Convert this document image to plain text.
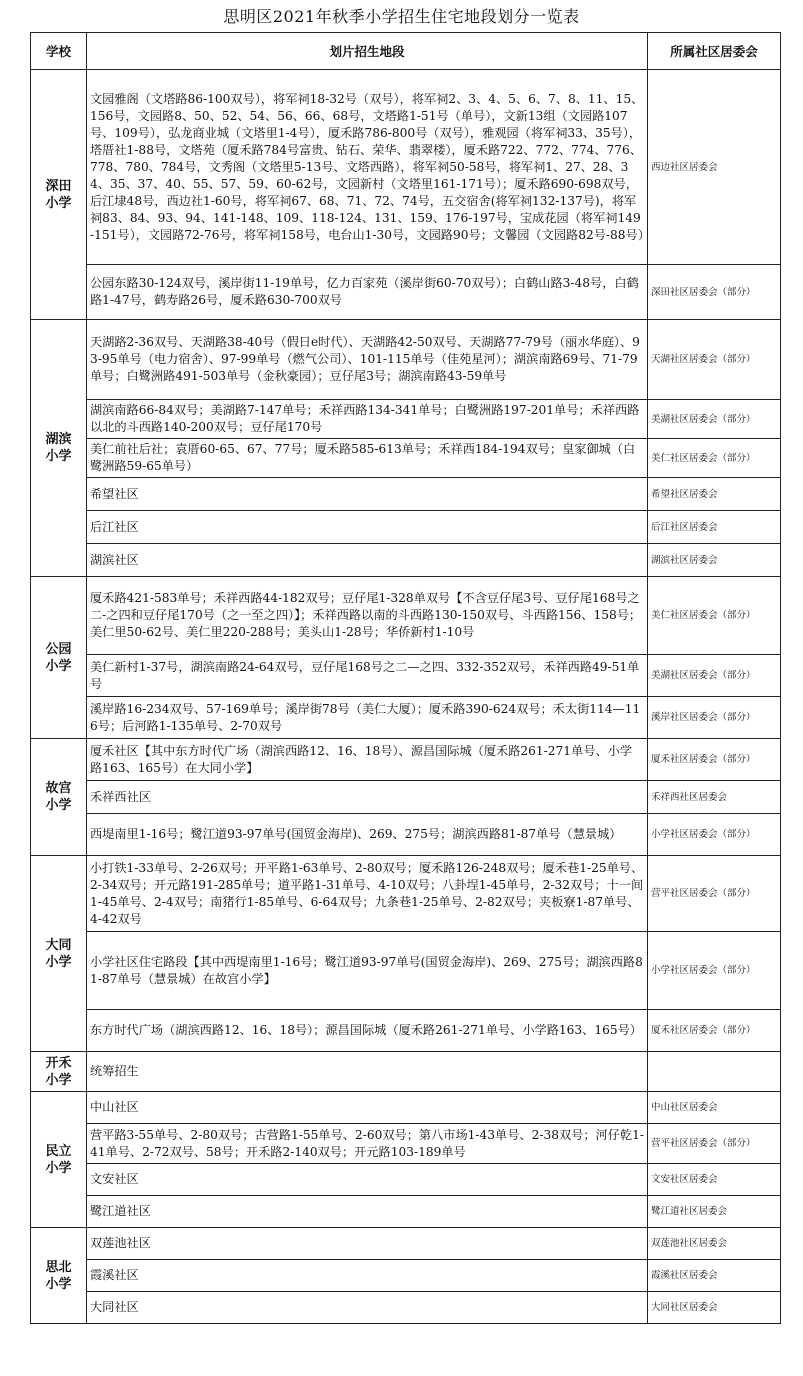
思明区2021年秋季小学招生住宅地段划分一览表
学校	划片招生地段	所属社区居委会
深田
小学	文园雅阁（文塔路86-100双号），将军祠18-32号（双号），将军祠2、3、4、5、6、7、8、11、15、156号，文园路8、50、52、54、56、66、68号，文塔路1-51号（单号），文新13组（文园路107号、109号），弘龙商业城（文塔里1-4号），厦禾路786-800号（双号），雅观园（将军祠33、35号），塔厝社1-88号，文塔苑（厦禾路784号富贵、钻石、荣华、翡翠楼），厦禾路722、772、774、776、778、780、784号，文秀阁（文塔里5-13号、文塔西路），将军祠50-58号，将军祠1、27、28、34、35、37、40、55、57、59、60-62号，文园新村（文塔里161-171号）；厦禾路690-698双号，后江埭48号，西边社1-60号，将军祠67、68、71、72、74号，五交宿舍(将军祠132-137号)，将军祠83、84、93、94、141-148、109、118-124、131、159、176-197号，宝成花园（将军祠149-151号），文园路72-76号，将军祠158号，电台山1-30号，文园路90号；文馨园（文园路82号-88号）	西边社区居委会
	公园东路30-124双号，溪岸街11-19单号，亿力百家苑（溪岸街60-70双号）；白鹤山路3-48号，白鹤路1-47号，鹤寿路26号，厦禾路630-700双号	深田社区居委会（部分）
湖滨
小学	天湖路2-36双号、天湖路38-40号（假日e时代）、天湖路42-50双号、天湖路77-79号（丽水华庭）、93-95单号（电力宿舍）、97-99单号（燃气公司）、101-115单号（佳苑星河）；湖滨南路69号、71-79单号；白鹭洲路491-503单号（金秋豪园）；豆仔尾3号；湖滨南路43-59单号	天湖社区居委会（部分）
	湖滨南路66-84双号；美湖路7-147单号；禾祥西路134-341单号；白鹭洲路197-201单号；禾祥西路以北的斗西路140-200双号；豆仔尾170号	美湖社区居委会（部分）
	美仁前社后社；袁厝60-65、67、77号；厦禾路585-613单号；禾祥西184-194双号；皇家御城（白鹭洲路59-65单号）	美仁社区居委会（部分）
	希望社区	希望社区居委会
	后江社区	后江社区居委会
	湖滨社区	湖滨社区居委会
公园
小学	厦禾路421-583单号；禾祥西路44-182双号；豆仔尾1-328单双号【不含豆仔尾3号、豆仔尾168号之二-之四和豆仔尾170号（之一至之四）】；禾祥西路以南的斗西路130-150双号、斗西路156、158号；美仁里50-62号、美仁里220-288号；美头山1-28号；华侨新村1-10号	美仁社区居委会（部分）
	美仁新村1-37号，湖滨南路24-64双号，豆仔尾168号之二—之四、332-352双号，禾祥西路49-51单号	美湖社区居委会（部分）
	溪岸路16-234双号、57-169单号；溪岸街78号（美仁大厦）；厦禾路390-624双号；禾太街114—116号；后河路1-135单号、2-70双号	溪岸社区居委会（部分）
故宫
小学	厦禾社区【其中东方时代广场（湖滨西路12、16、18号）、源昌国际城（厦禾路261-271单号、小学路163、165号）在大同小学】	厦禾社区居委会（部分）
	禾祥西社区	禾祥西社区居委会
	西堤南里1-16号；鹭江道93-97单号(国贸金海岸)、269、275号；湖滨西路81-87单号（慧景城）	小学社区居委会（部分）
大同
小学	小打铁1-33单号、2-26双号；开平路1-63单号、2-80双号；厦禾路126-248双号；厦禾巷1-25单号、2-34双号；开元路191-285单号；道平路1-31单号、4-10双号；八卦埕1-45单号，2-32双号；十一间1-45单号、2-4双号；南猪行1-85单号、6-64双号；九条巷1-25单号、2-82双号；夹板寮1-87单号、4-42双号	营平社区居委会（部分）
	小学社区住宅路段【其中西堤南里1-16号；鹭江道93-97单号(国贸金海岸)、269、275号；湖滨西路81-87单号（慧景城）在故宫小学】	小学社区居委会（部分）
	东方时代广场（湖滨西路12、16、18号）；源昌国际城（厦禾路261-271单号、小学路163、165号）	厦禾社区居委会（部分）
开禾
小学	统筹招生	
民立
小学	中山社区	中山社区居委会
	营平路3-55单号、2-80双号；古营路1-55单号、2-60双号；第八市场1-43单号、2-38双号；河仔乾1-41单号、2-72双号、58号；开禾路2-140双号；开元路103-189单号	营平社区居委会（部分）
	文安社区	文安社区居委会
	鹭江道社区	鹭江道社区居委会
思北
小学	双莲池社区	双莲池社区居委会
	霞溪社区	霞溪社区居委会
	大同社区	大同社区居委会
